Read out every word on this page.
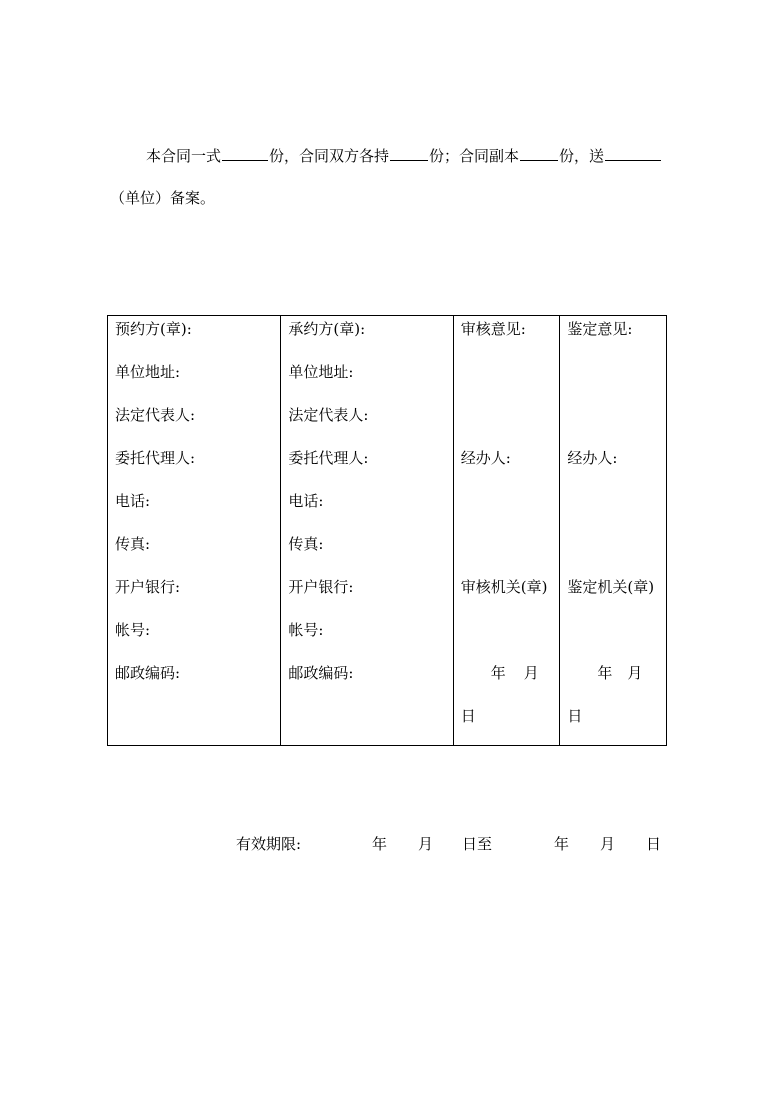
本合同一式	份，合同双方各持	份；合同副本	份，送
（单位）备案。
预约方(章):
单位地址:
法定代表人:
委托代理人:
电话:
传真:
开户银行:
帐号:
邮政编码:
承约方(章):
单位地址:
法定代表人:
委托代理人:
电话:
传真:
开户银行:
帐号:
邮政编码:
审核意见:
经办人:
审核机关(章)
年 月
日
鉴定意见:
经办人:
鉴定机关(章)
年 月
日
有效期限:	年 月 日至	年 月 日
